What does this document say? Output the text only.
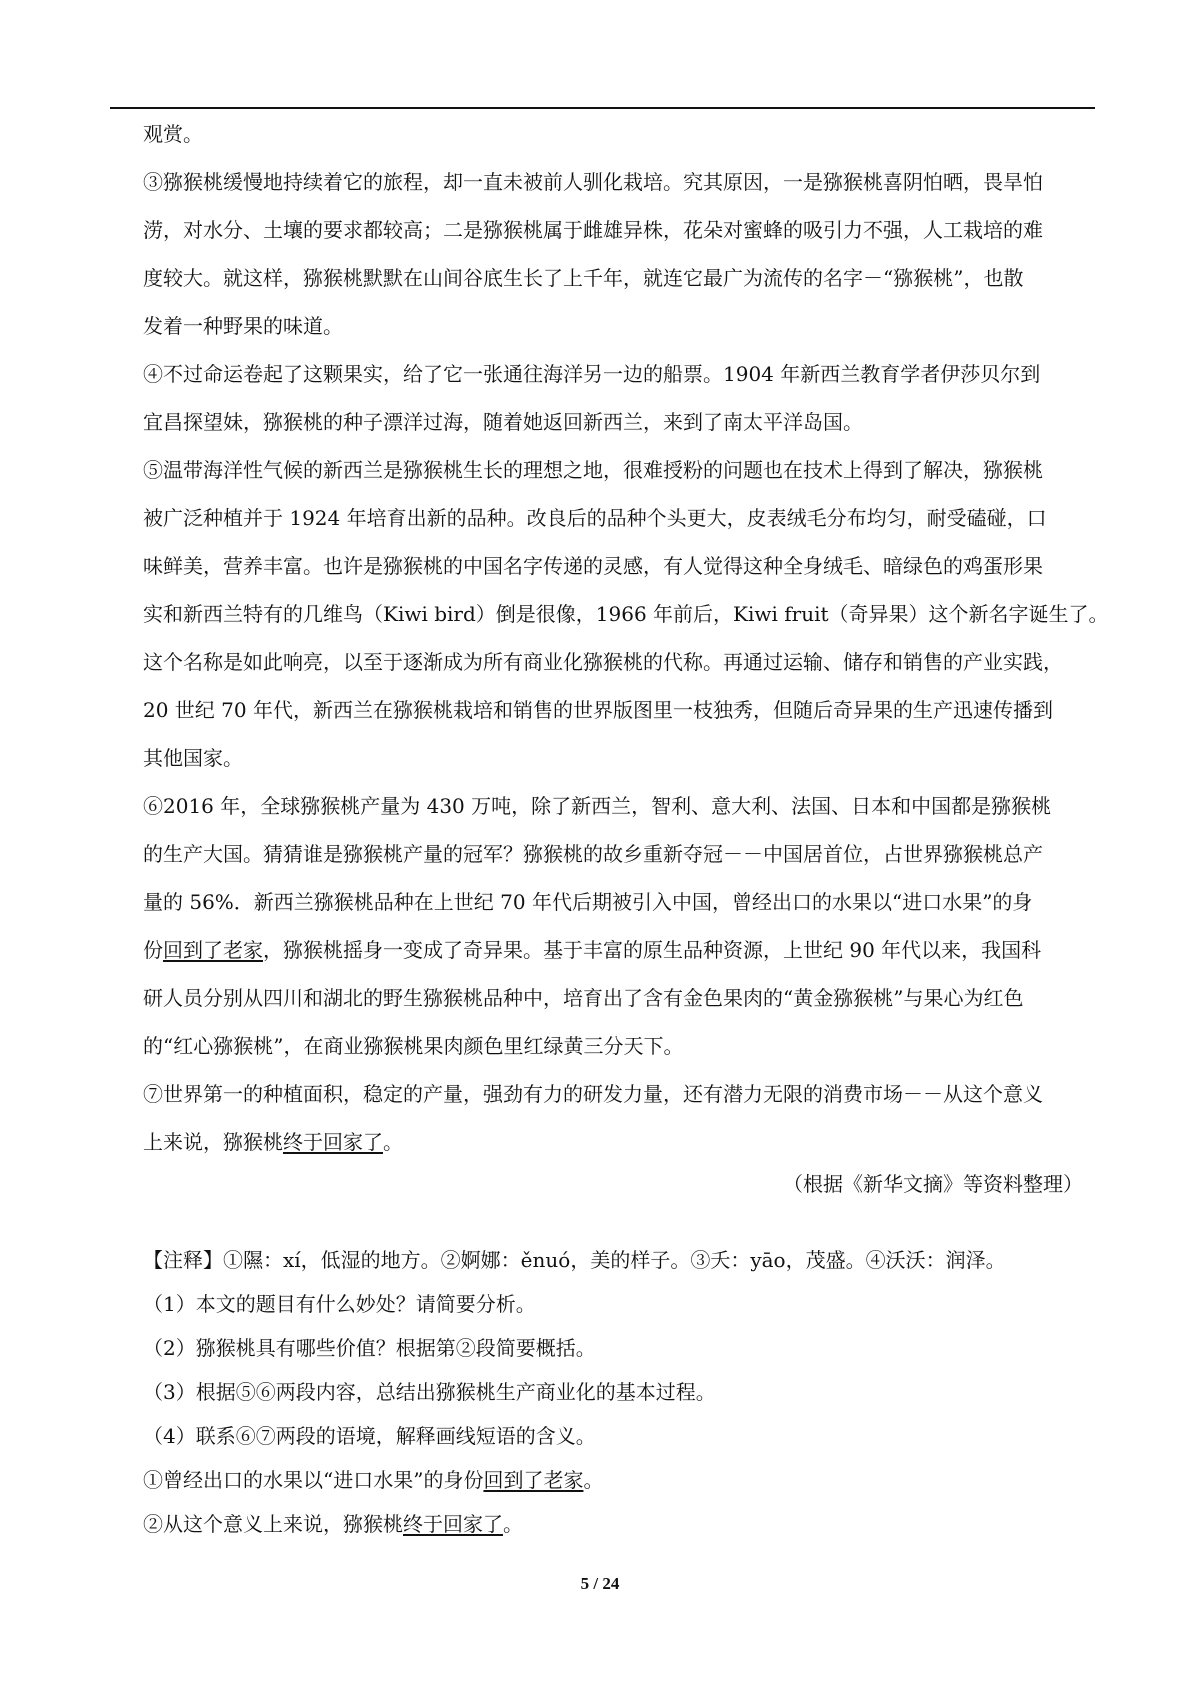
观赏。
③猕猴桃缓慢地持续着它的旅程，却一直未被前人驯化栽培。究其原因，一是猕猴桃喜阴怕晒，畏旱怕
涝，对水分、土壤的要求都较高；二是猕猴桃属于雌雄异株，花朵对蜜蜂的吸引力不强，人工栽培的难
度较大。就这样，猕猴桃默默在山间谷底生长了上千年，就连它最广为流传的名字－“猕猴桃”，也散
发着一种野果的味道。
④不过命运卷起了这颗果实，给了它一张通往海洋另一边的船票。1904 年新西兰教育学者伊莎贝尔到
宜昌探望妹，猕猴桃的种子漂洋过海，随着她返回新西兰，来到了南太平洋岛国。
⑤温带海洋性气候的新西兰是猕猴桃生长的理想之地，很难授粉的问题也在技术上得到了解决，猕猴桃
被广泛种植并于 1924 年培育出新的品种。改良后的品种个头更大，皮表绒毛分布均匀，耐受磕碰，口
味鲜美，营养丰富。也许是猕猴桃的中国名字传递的灵感，有人觉得这种全身绒毛、暗绿色的鸡蛋形果
实和新西兰特有的几维鸟（Kiwi bird）倒是很像，1966 年前后，Kiwi fruit（奇异果）这个新名字诞生了。
这个名称是如此响亮，以至于逐渐成为所有商业化猕猴桃的代称。再通过运输、储存和销售的产业实践，
20 世纪 70 年代，新西兰在猕猴桃栽培和销售的世界版图里一枝独秀，但随后奇异果的生产迅速传播到
其他国家。
⑥2016 年，全球猕猴桃产量为 430 万吨，除了新西兰，智利、意大利、法国、日本和中国都是猕猴桃
的生产大国。猜猜谁是猕猴桃产量的冠军？猕猴桃的故乡重新夺冠－－中国居首位，占世界猕猴桃总产
量的 56%．新西兰猕猴桃品种在上世纪 70 年代后期被引入中国，曾经出口的水果以“进口水果”的身
份回到了老家，猕猴桃摇身一变成了奇异果。基于丰富的原生品种资源，上世纪 90 年代以来，我国科
研人员分别从四川和湖北的野生猕猴桃品种中，培育出了含有金色果肉的“黄金猕猴桃”与果心为红色
的“红心猕猴桃”，在商业猕猴桃果肉颜色里红绿黄三分天下。
⑦世界第一的种植面积，稳定的产量，强劲有力的研发力量，还有潜力无限的消费市场－－从这个意义
上来说，猕猴桃终于回家了。
（根据《新华文摘》等资料整理）
【注释】①隰：xí，低湿的地方。②婀娜：ěnuó，美的样子。③夭：yāo，茂盛。④沃沃：润泽。
（1）本文的题目有什么妙处？请简要分析。
（2）猕猴桃具有哪些价值？根据第②段简要概括。
（3）根据⑤⑥两段内容，总结出猕猴桃生产商业化的基本过程。
（4）联系⑥⑦两段的语境，解释画线短语的含义。
①曾经出口的水果以“进口水果”的身份回到了老家。
②从这个意义上来说，猕猴桃终于回家了。
5 / 24
